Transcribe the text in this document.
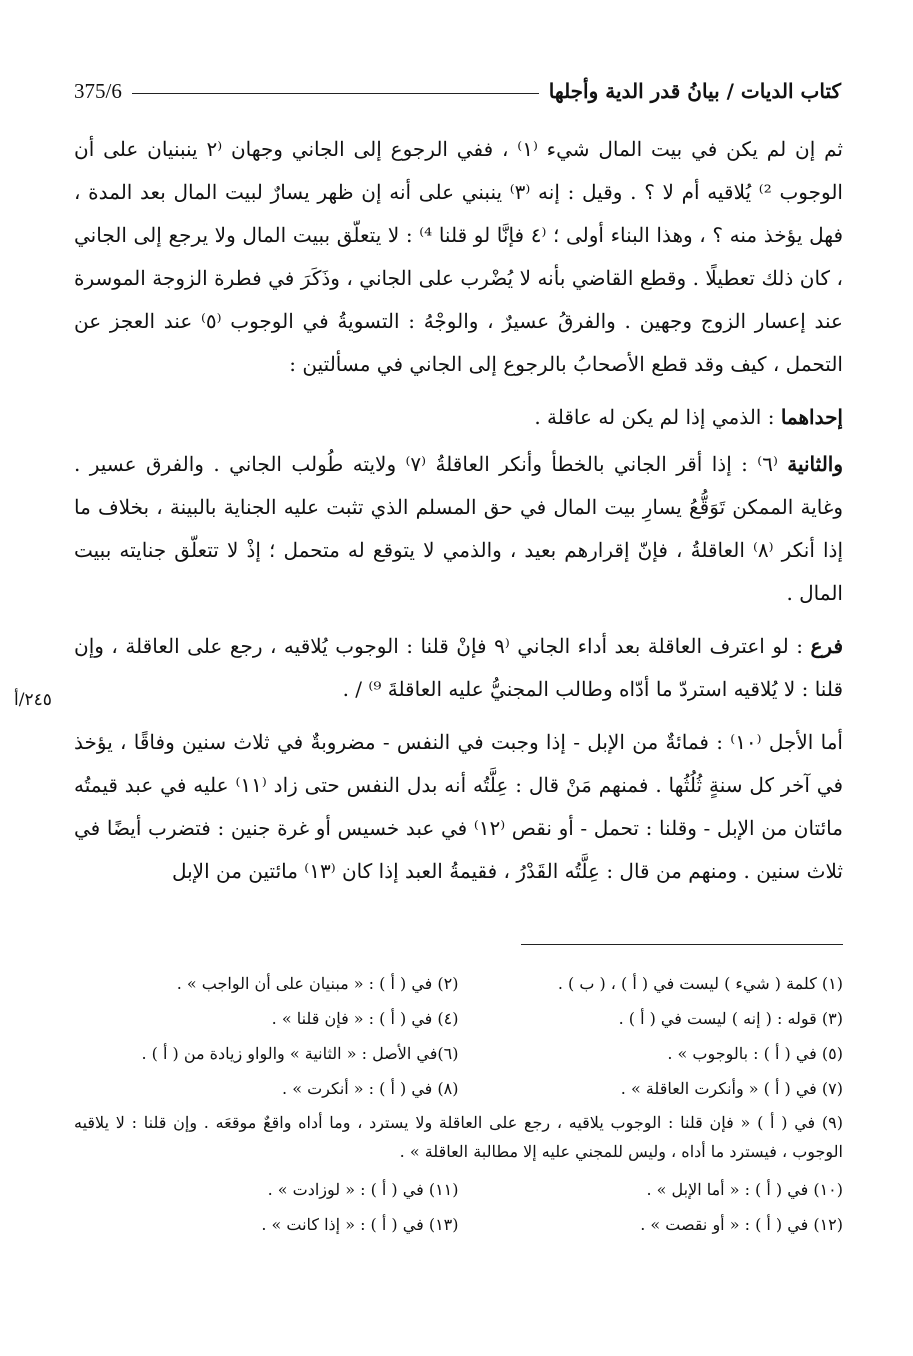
كتاب الديات / بيانُ قدر الدية وأجلها
375/6
٢٤٥/أ

ثم إن لم يكن في بيت المال شيء ⁽١⁾ ، ففي الرجوع إلى الجاني وجهان ⁽٢ ينبنيان على أن الوجوب ²⁾ يُلاقيه أم لا ؟ . وقيل : إنه ⁽٣⁾ ينبني على أنه إن ظهر يسارٌ لبيت المال بعد المدة ، فهل يؤخذ منه ؟ ، وهذا البناء أولى ؛ ⁽٤ فإنَّا لو قلنا ⁴⁾ : لا يتعلّق ببيت المال ولا يرجع إلى الجاني ، كان ذلك تعطيلًا . وقطع القاضي بأنه لا يُضْرب على الجاني ، وذَكَرَ في فطرة الزوجة الموسرة عند إعسار الزوج وجهين . والفرقُ عسيرٌ ، والوجْهُ : التسويةُ في الوجوب ⁽٥⁾ عند العجز عن التحمل ، كيف وقد قطع الأصحابُ بالرجوع إلى الجاني في مسألتين :

إحداهما : الذمي إذا لم يكن له عاقلة .

والثانية ⁽٦⁾ : إذا أقر الجاني بالخطأ وأنكر العاقلةُ ⁽٧⁾ ولايته طُولب الجاني . والفرق عسير . وغاية الممكن تَوَقُّعُ يسارِ بيت المال في حق المسلم الذي تثبت عليه الجناية بالبينة ، بخلاف ما إذا أنكر ⁽٨⁾ العاقلةُ ، فإنّ إقرارهم بعيد ، والذمي لا يتوقع له متحمل ؛ إذْ لا تتعلّق جنايته ببيت المال .

فرع : لو اعترف العاقلة بعد أداء الجاني ⁽٩ فإنْ قلنا : الوجوب يُلاقيه ، رجع على العاقلة ، وإن قلنا : لا يُلاقيه استردّ ما أدّاه وطالب المجنيُّ عليه العاقلةَ ⁹⁾ / .

أما الأجل ⁽١٠⁾ : فمائةٌ من الإبل - إذا وجبت في النفس - مضروبةٌ في ثلاث سنين وفاقًا ، يؤخذ في آخر كل سنةٍ ثُلُثُها . فمنهم مَنْ قال : عِلَّتُه أنه بدل النفس حتى زاد ⁽١١⁾ عليه في عبد قيمتُه مائتان من الإبل - وقلنا : تحمل - أو نقص ⁽١٢⁾ في عبد خسيس أو غرة جنين : فتضرب أيضًا في ثلاث سنين . ومنهم من قال : عِلَّتُه القَدْرُ ، فقيمةُ العبد إذا كان ⁽١٣⁾ مائتين من الإبل

(١) كلمة ( شيء ) ليست في ( أ ) ، ( ب ) .
(٢) في ( أ ) : « مبنيان على أن الواجب » .
(٣) قوله : ( إنه ) ليست في ( أ ) .
(٤) في ( أ ) : « فإن قلنا » .
(٥) في ( أ ) : بالوجوب » .
(٦)في الأصل : « الثانية » والواو زيادة من ( أ ) .
(٧) في ( أ ) « وأنكرت العاقلة » .
(٨) في ( أ ) : « أنكرت » .
(٩) في ( أ ) « فإن قلنا : الوجوب يلاقيه ، رجع على العاقلة ولا يسترد ، وما أداه واقعٌ موقعَه . وإن قلنا : لا يلاقيه الوجوب ، فيسترد ما أداه ، وليس للمجني عليه إلا مطالبة العاقلة » .
(١٠) في ( أ ) : « أما الإبل » .
(١١) في ( أ ) : « لوزادت » .
(١٢) في ( أ ) : « أو نقصت » .
(١٣) في ( أ ) : « إذا كانت » .
